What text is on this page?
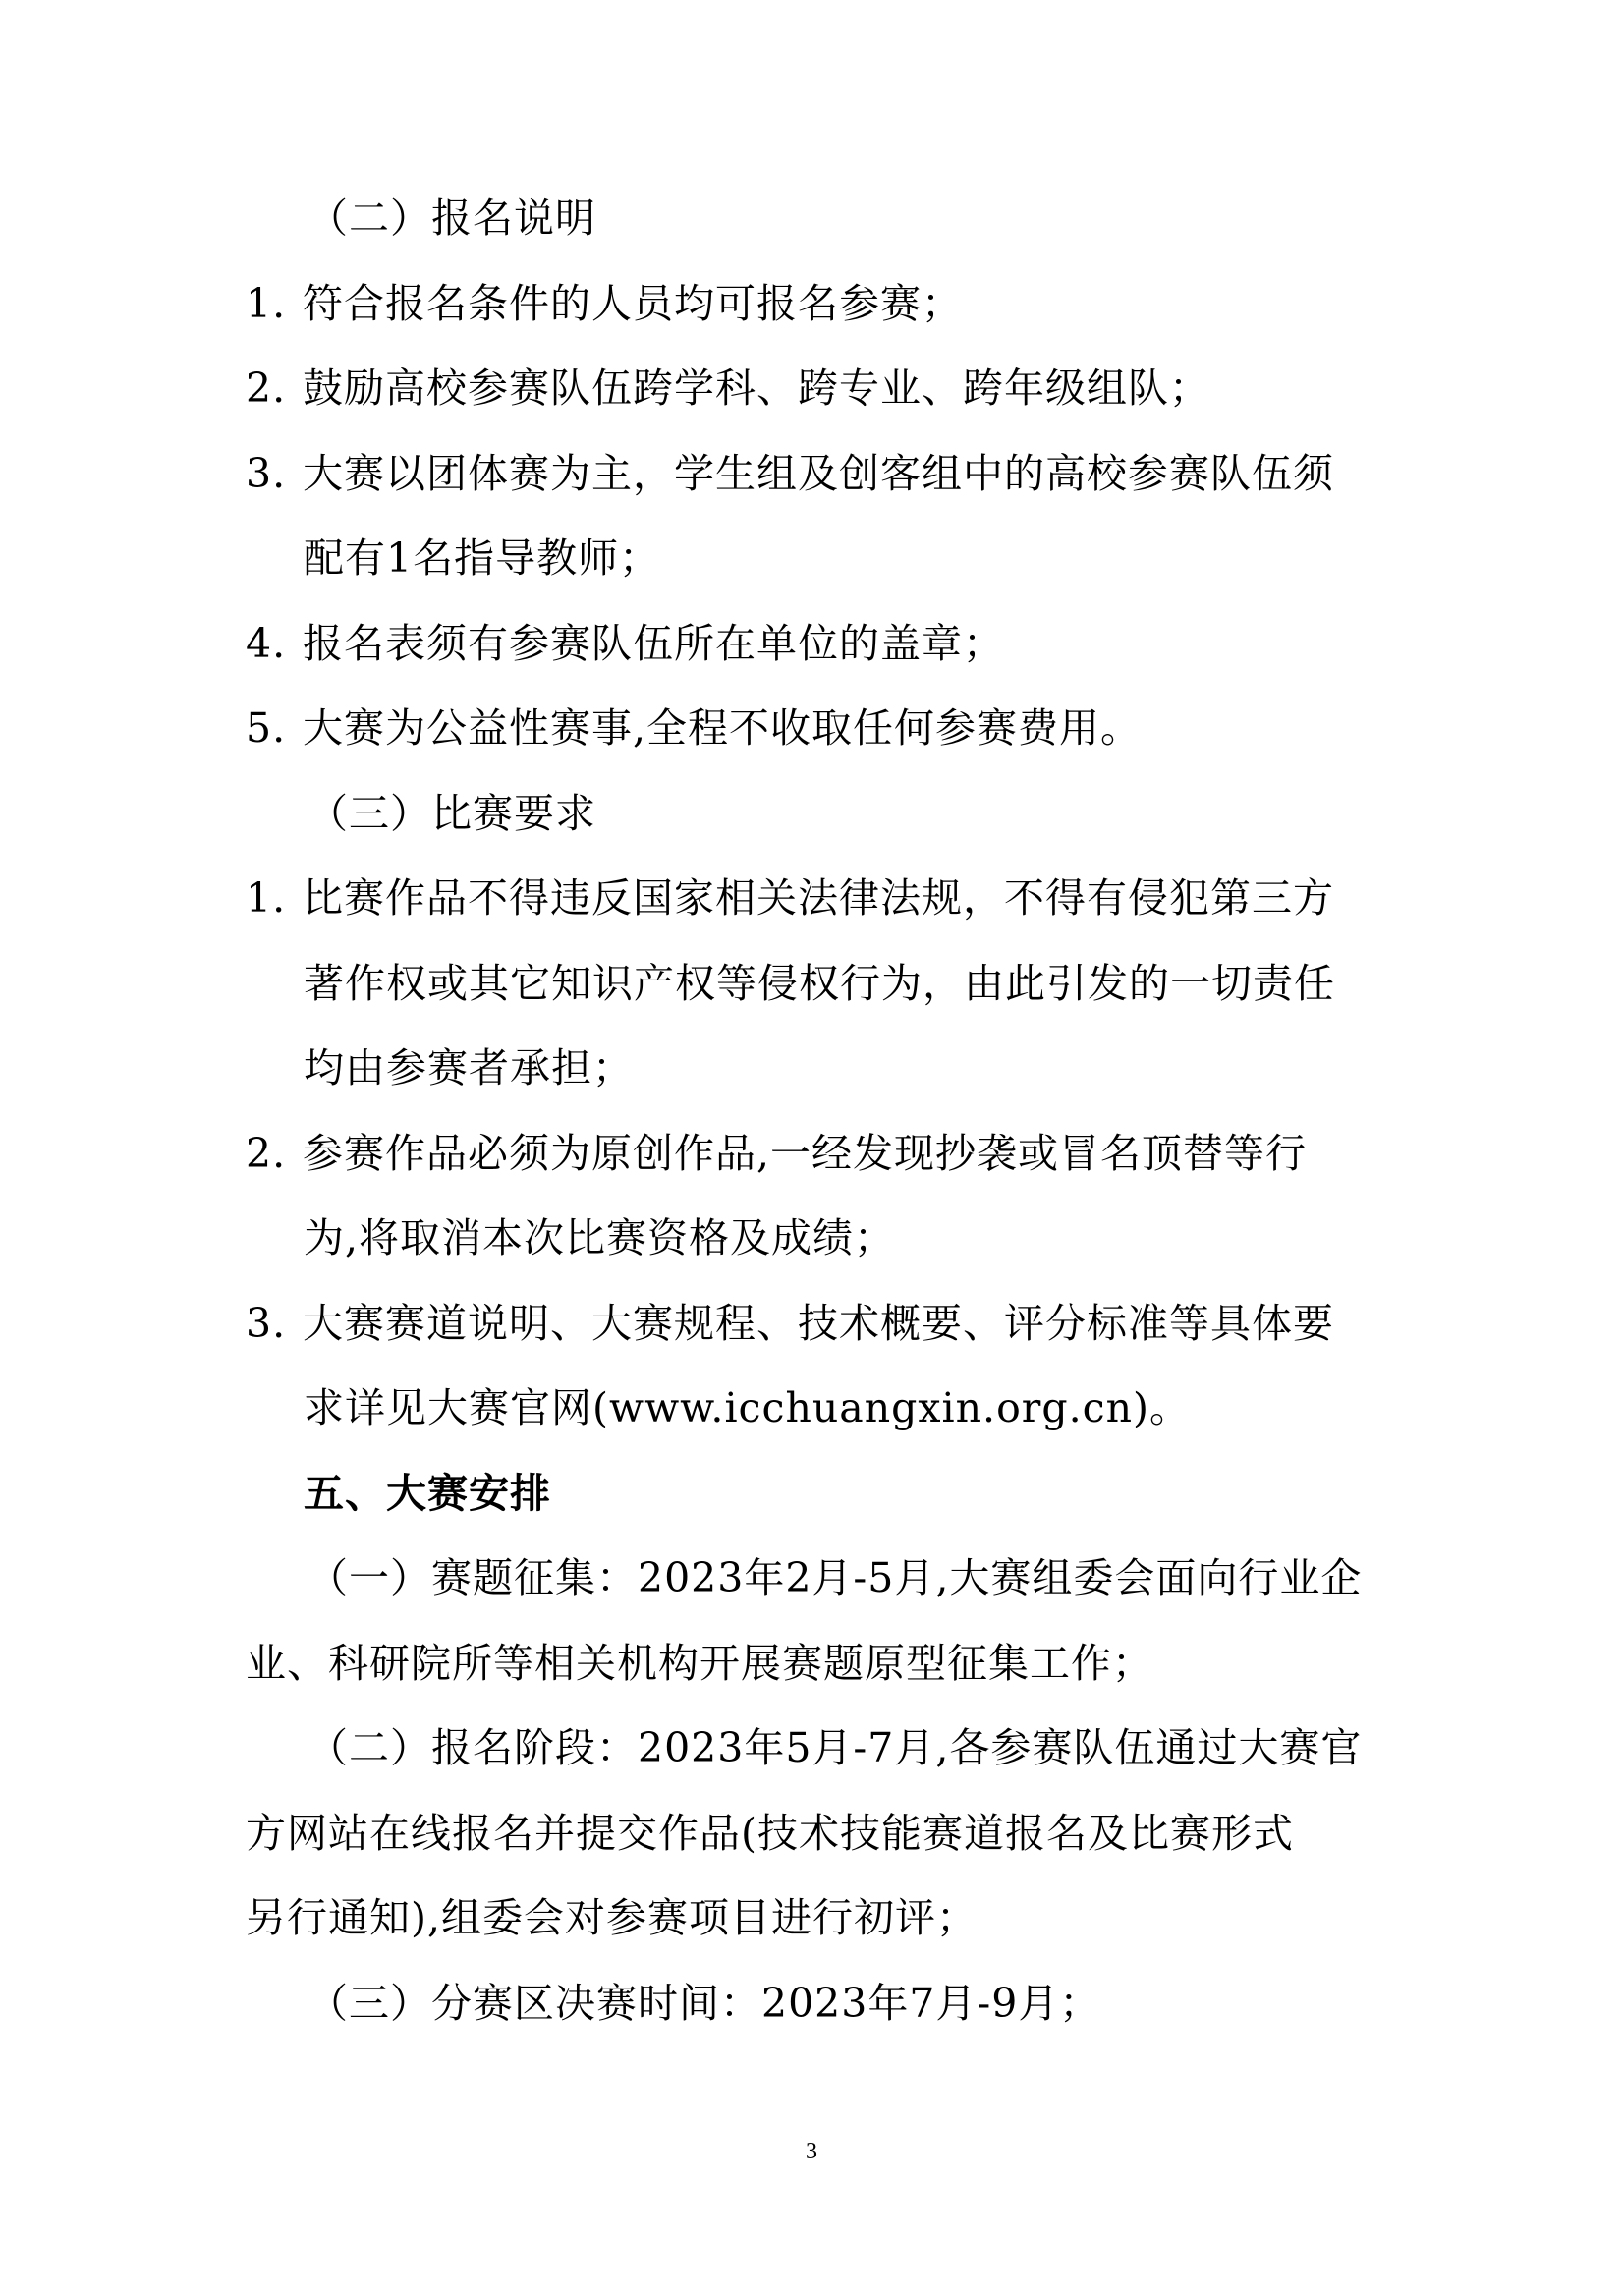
（二）报名说明
1. 符合报名条件的人员均可报名参赛；
2. 鼓励高校参赛队伍跨学科、跨专业、跨年级组队；
3. 大赛以团体赛为主，学生组及创客组中的高校参赛队伍须
配有1名指导教师；
4. 报名表须有参赛队伍所在单位的盖章；
5. 大赛为公益性赛事,全程不收取任何参赛费用。
（三）比赛要求
1. 比赛作品不得违反国家相关法律法规，不得有侵犯第三方
著作权或其它知识产权等侵权行为，由此引发的一切责任
均由参赛者承担；
2. 参赛作品必须为原创作品,一经发现抄袭或冒名顶替等行
为,将取消本次比赛资格及成绩；
3. 大赛赛道说明、大赛规程、技术概要、评分标准等具体要
求详见大赛官网(www.icchuangxin.org.cn)。
五、大赛安排
（一）赛题征集：2023年2月-5月,大赛组委会面向行业企
业、科研院所等相关机构开展赛题原型征集工作；
（二）报名阶段：2023年5月-7月,各参赛队伍通过大赛官
方网站在线报名并提交作品(技术技能赛道报名及比赛形式
另行通知),组委会对参赛项目进行初评；
（三）分赛区决赛时间：2023年7月-9月；
3
